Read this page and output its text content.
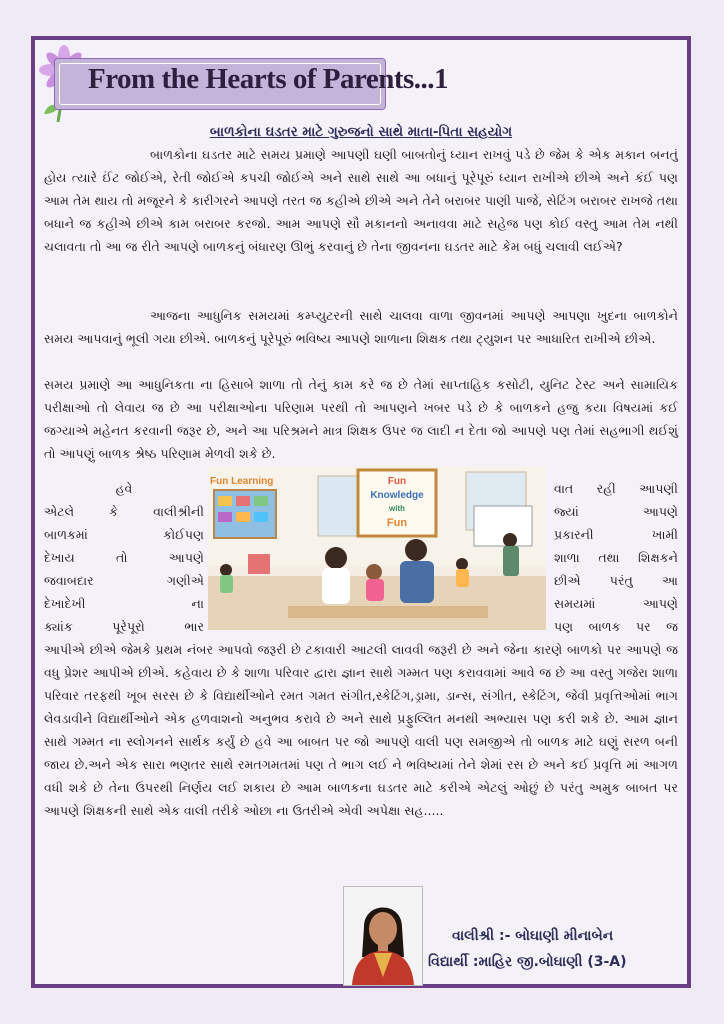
From the Hearts of Parents...1
બાળકોના ઘડતર માટે ગુરુજનો સાથે માતા-પિતા સહયોગ

બાળકોના ઘડતર માટે સમય પ્રમાણે આપણી ઘણી બાબતોનું ધ્યાન રાખવું પડે છે જેમ કે એક મકાન બનતું હોય ત્યારે ઈંટ જોઈએ, રેતી જોઈએ કપચી જોઈએ અને સાથે સાથે આ બધાનું પૂરેપૂરું ધ્યાન રાખીએ છીએ અને કંઈ પણ આમ તેમ થાય તો મજૂરને કે કારીગરને આપણે તરત જ કહીએ છીએ અને તેને બરાબર પાણી પાજે, સેટિંગ બરાબર રાખજે તથા બધાને જ કહીએ છીએ કામ બરાબર કરજો. આમ આપણે સૌ મકાનનો અનાવવા માટે સહેજ પણ કોઈ વસ્તુ આમ તેમ નથી ચલાવતા તો આ જ રીતે આપણે બાળકનું બંધારણ ઊભું કરવાનું છે તેના જીવનના ઘડતર માટે કેમ બધું ચલાવી લઈએ?

આજના આધુનિક સમયમાં કમ્પ્યુટરની સાથે ચાલવા વાળા જીવનમાં આપણે આપણા ખુદના બાળકોને સમય આપવાનું ભૂલી ગયા છીએ. બાળકનું પૂરેપૂરું ભવિષ્ય આપણે શાળાના શિક્ષક તથા ટ્યુશન પર આધારિત રાખીએ છીએ.

સમય પ્રમાણે આ આધુનિકતા ના હિસાબે શાળા તો તેનું કામ કરે જ છે તેમાં સાપ્તાહિક કસોટી, યુનિટ ટેસ્ટ અને સામાયિક પરીક્ષાઓ તો લેવાય જ છે આ પરીક્ષાઓના પરિણામ પરથી તો આપણને ખબર પડે છે કે બાળકને હજુ કયા વિષયમાં કઈ જગ્યાએ મહેનત કરવાની જરૂર છે, અને આ પરિશ્રમને માત્ર શિક્ષક ઉપર જ લાદી ન દેતા જો આપણે પણ તેમાં સહભાગી થઈશું તો આપણું બાળક શ્રેષ્ઠ પરિણામ મેળવી શકે છે.

હવે
એટલે કે વાલીશ્રીની
બાળકમાં કોઈપણ
દેખાય તો આપણે
જવાબદાર ગણીએ
દેખાદેખી ના
ક્યાંક પૂરેપૂરો ભાર
વાત રહી આપણી
જ્યાં આપણે
પ્રકારની ખામી
શાળા તથા શિક્ષકને
છીએ પરંતુ આ
સમયમાં આપણે
પણ બાળક પર જ
Fun Learning	Fun
Knowledge
with
Fun

આપીએ છીએ જેમકે પ્રથમ નંબર આપવો જરૂરી છે ટકાવારી આટલી લાવવી જરૂરી છે અને જેના કારણે બાળકો પર આપણે જ વધુ પ્રેશર આપીએ છીએ. કહેવાય છે કે શાળા પરિવાર દ્વારા જ્ઞાન સાથે ગમ્મત પણ કરાવવામાં આવે જ છે આ વસ્તુ ગજેરા શાળા પરિવાર તરફથી ખૂબ સરસ છે કે વિદ્યાર્થીઓને રમત ગમત સંગીત,સ્કેટિંગ,ડ્રામા, ડાન્સ, સંગીત, સ્કેટિંગ, જેવી પ્રવૃત્તિઓમાં ભાગ લેવડાવીને વિદ્યાર્થીઓને એક હળવાશનો અનુભવ કરાવે છે અને સાથે પ્રફુલ્લિત મનથી અભ્યાસ પણ કરી શકે છે. આમ જ્ઞાન સાથે ગમ્મત ના સ્લોગનને સાર્થક કર્યું છે હવે આ બાબત પર જો આપણે વાલી પણ સમજીએ તો બાળક માટે ઘણું સરળ બની જાય છે.અને એક સારા ભણતર સાથે રમતગમતમાં પણ તે ભાગ લઈ ને ભવિષ્યમાં તેને શેમાં રસ છે અને કઈ પ્રવૃત્તિ માં આગળ વધી શકે છે તેના ઉપરથી નિર્ણય લઈ શકાય છે આમ બાળકના ઘડતર માટે કરીએ એટલું ઓછું છે પરંતુ અમુક બાબત પર આપણે શિક્ષકની સાથે એક વાલી તરીકે ઓછા ના ઉતરીએ એવી અપેક્ષા સહ.....

વાલીશ્રી :- બોઘાણી મીનાબેન
વિદ્યાર્થી :માહિર જી.બોઘાણી (3-A)
